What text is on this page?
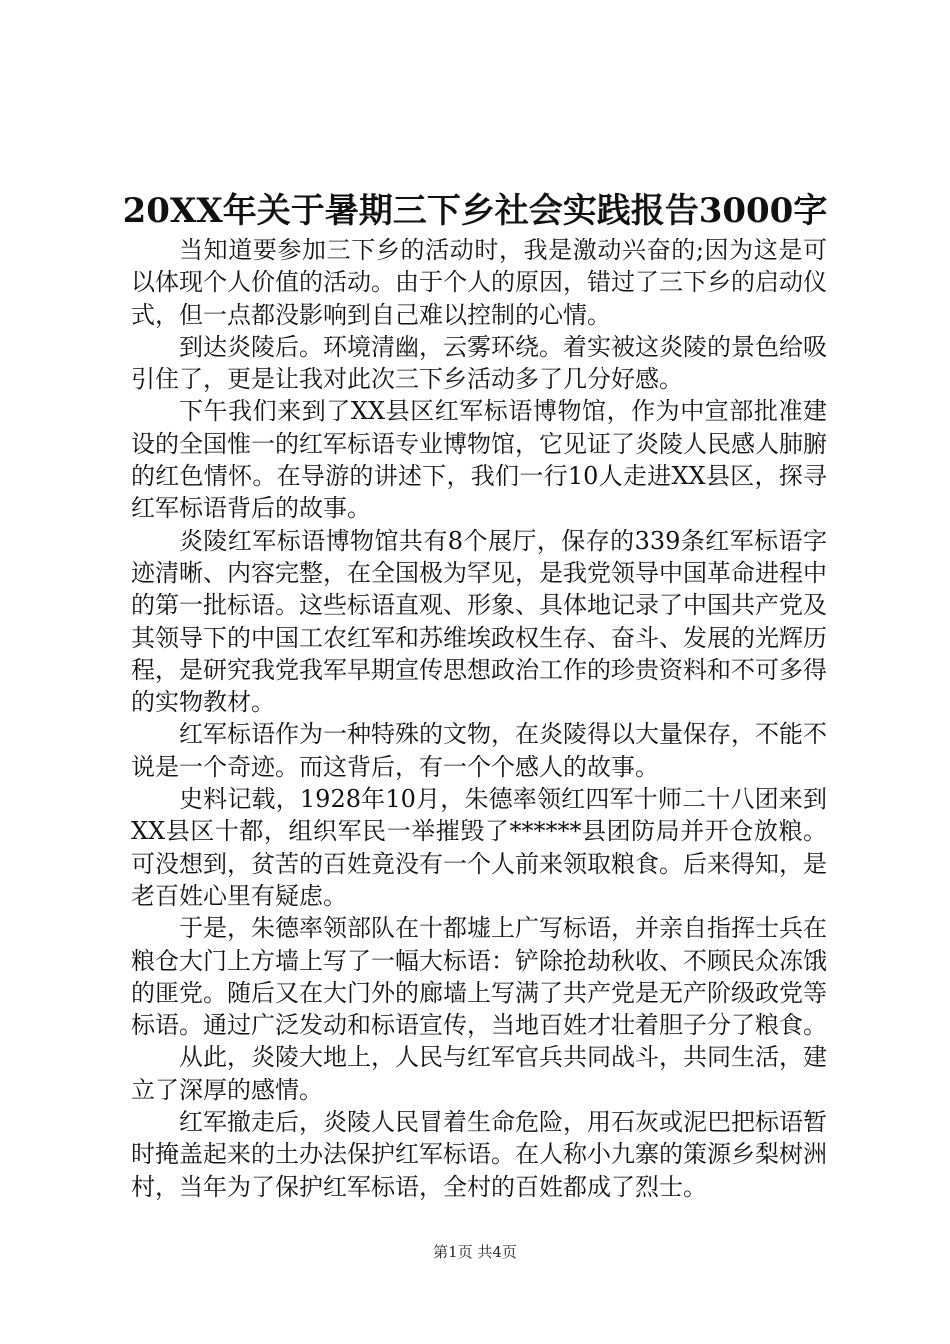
20XX年关于暑期三下乡社会实践报告3000字

当知道要参加三下乡的活动时，我是激动兴奋的;因为这是可以体现个人价值的活动。由于个人的原因，错过了三下乡的启动仪式，但一点都没影响到自己难以控制的心情。

到达炎陵后。环境清幽，云雾环绕。着实被这炎陵的景色给吸引住了，更是让我对此次三下乡活动多了几分好感。

下午我们来到了XX县区红军标语博物馆，作为中宣部批准建设的全国惟一的红军标语专业博物馆，它见证了炎陵人民感人肺腑的红色情怀。在导游的讲述下，我们一行10人走进XX县区，探寻红军标语背后的故事。

炎陵红军标语博物馆共有8个展厅，保存的339条红军标语字迹清晰、内容完整，在全国极为罕见，是我党领导中国革命进程中的第一批标语。这些标语直观、形象、具体地记录了中国共产党及其领导下的中国工农红军和苏维埃政权生存、奋斗、发展的光辉历程，是研究我党我军早期宣传思想政治工作的珍贵资料和不可多得的实物教材。

红军标语作为一种特殊的文物，在炎陵得以大量保存，不能不说是一个奇迹。而这背后，有一个个感人的故事。

史料记载，1928年10月，朱德率领红四军十师二十八团来到XX县区十都，组织军民一举摧毁了******县团防局并开仓放粮。可没想到，贫苦的百姓竟没有一个人前来领取粮食。后来得知，是老百姓心里有疑虑。

于是，朱德率领部队在十都墟上广写标语，并亲自指挥士兵在粮仓大门上方墙上写了一幅大标语：铲除抢劫秋收、不顾民众冻饿的匪党。随后又在大门外的廊墙上写满了共产党是无产阶级政党等标语。通过广泛发动和标语宣传，当地百姓才壮着胆子分了粮食。

从此，炎陵大地上，人民与红军官兵共同战斗，共同生活，建立了深厚的感情。

红军撤走后，炎陵人民冒着生命危险，用石灰或泥巴把标语暂时掩盖起来的土办法保护红军标语。在人称小九寨的策源乡梨树洲村，当年为了保护红军标语，全村的百姓都成了烈士。

第1页 共4页
